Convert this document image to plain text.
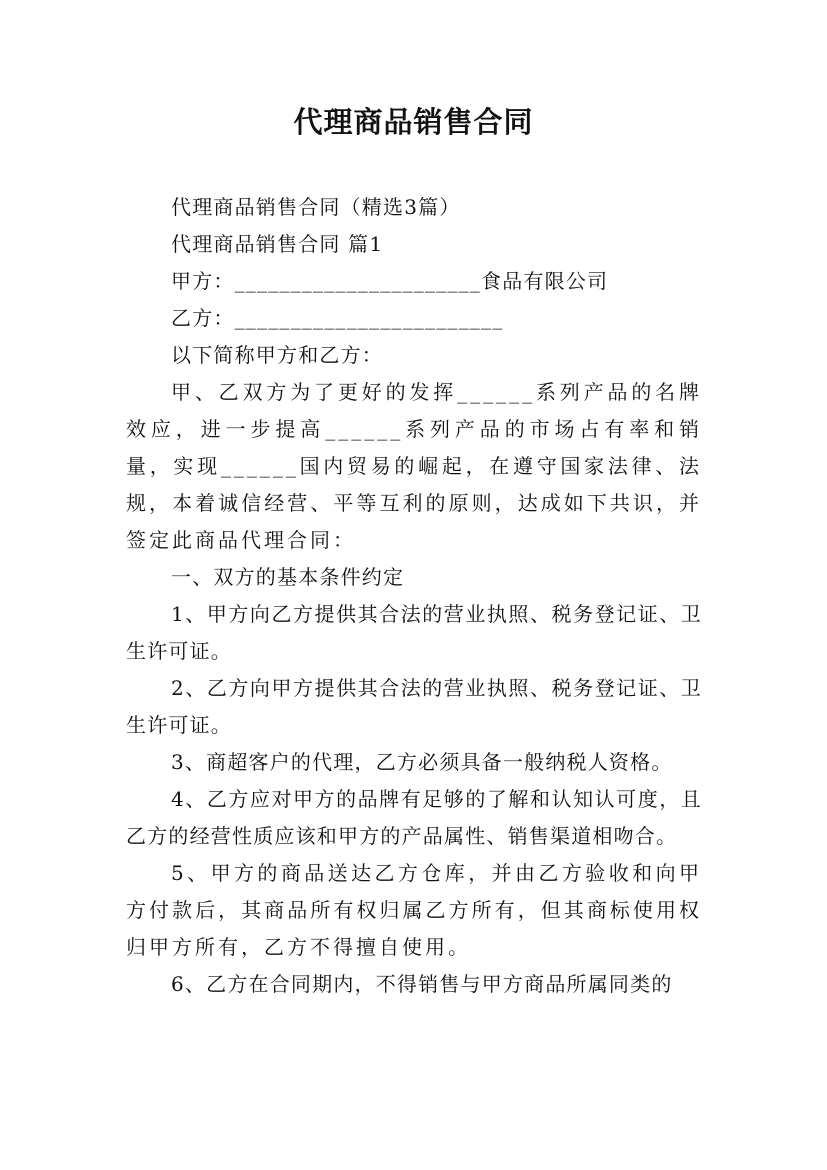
代理商品销售合同

代理商品销售合同（精选3篇）

代理商品销售合同 篇1

甲方：______________________食品有限公司

乙方：________________________

以下简称甲方和乙方：

甲、乙双方为了更好的发挥______系列产品的名牌效应，进一步提高______系列产品的市场占有率和销量，实现______国内贸易的崛起，在遵守国家法律、法规，本着诚信经营、平等互利的原则，达成如下共识，并签定此商品代理合同：

一、双方的基本条件约定

1、甲方向乙方提供其合法的营业执照、税务登记证、卫生许可证。

2、乙方向甲方提供其合法的营业执照、税务登记证、卫生许可证。

3、商超客户的代理，乙方必须具备一般纳税人资格。

4、乙方应对甲方的品牌有足够的了解和认知认可度，且乙方的经营性质应该和甲方的产品属性、销售渠道相吻合。

5、甲方的商品送达乙方仓库，并由乙方验收和向甲方付款后，其商品所有权归属乙方所有，但其商标使用权归甲方所有，乙方不得擅自使用。

6、乙方在合同期内，不得销售与甲方商品所属同类的
